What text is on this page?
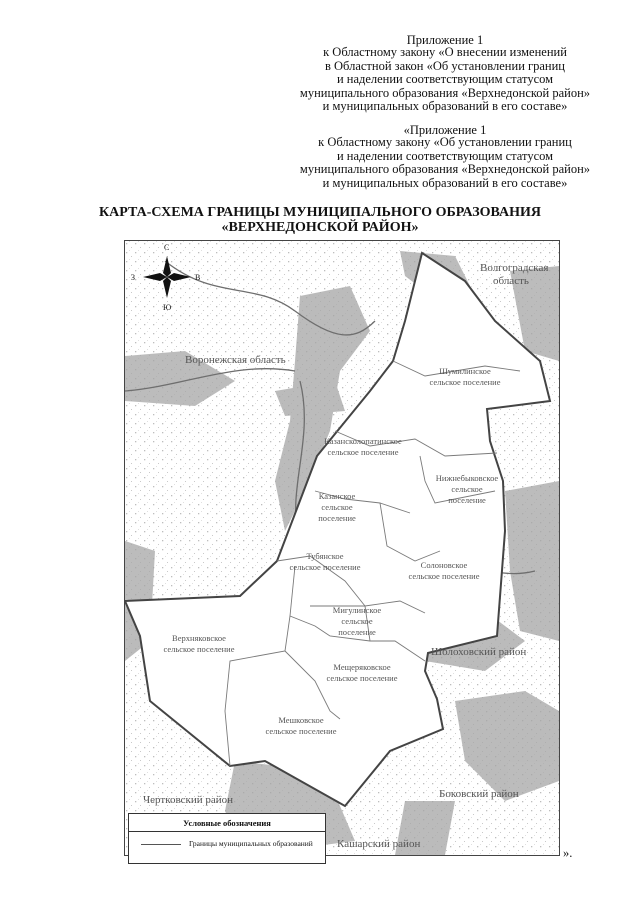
Приложение 1
к Областному закону «О внесении изменений
в Областной закон «Об установлении границ
и наделении соответствующим статусом
муниципального образования «Верхнедонской район»
и муниципальных образований в его составе»
«Приложение 1
к Областному закону «Об установлении границ
и наделении соответствующим статусом
муниципального образования «Верхнедонской район»
и муниципальных образований в его составе»
КАРТА-СХЕМА ГРАНИЦЫ МУНИЦИПАЛЬНОГО ОБРАЗОВАНИЯ
«ВЕРХНЕДОНСКОЙ РАЙОН»
Волгоградская
область
Воронежская область
Шолоховский район
Боковский район
Чертковский район
Кашарский район
Шумилинское
сельское поселение
Казансколопатинское
сельское поселение
Нижнебыковское
сельское
поселение
Казанское
сельское
поселение
Тубянское
сельское поселение	Солоновское
сельское поселение
Мигулинское
сельское
поселение
Верхняковское
сельское поселение
Мещеряковское
сельское поселение
Мешковское
сельское поселение
С
Ю
З	В
Условные обозначения
Границы муниципальных образований
».
